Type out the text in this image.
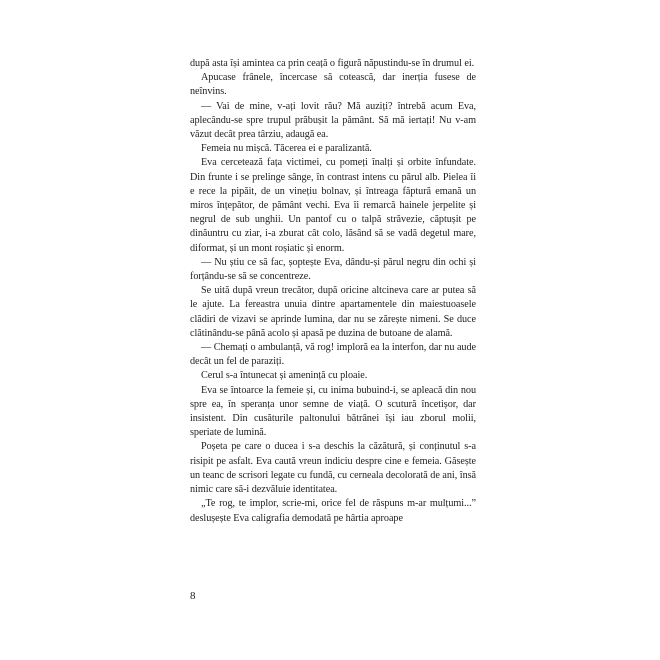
după asta își amintea ca prin ceață o figură năpustindu-se în drumul ei.

Apucase frânele, încercase să cotească, dar inerția fusese de neînvins.

— Vai de mine, v-ați lovit rău? Mă auziți? întrebă acum Eva, aplecându-se spre trupul prăbușit la pământ. Să mă iertați! Nu v-am văzut decât prea târziu, adaugă ea.

Femeia nu mișcă. Tăcerea ei e paralizantă.

Eva cercetează fața victimei, cu pomeți înalți și orbite înfundate. Din frunte i se prelinge sânge, în contrast intens cu părul alb. Pielea îi e rece la pipăit, de un vinețiu bolnav, și întreaga făptură emană un miros înțepător, de pământ vechi. Eva îi remarcă hainele jerpelite și negrul de sub unghii. Un pantof cu o talpă străvezie, căptușit pe dinăuntru cu ziar, i-a zburat cât colo, lăsând să se vadă degetul mare, diformat, și un mont roșiatic și enorm.

— Nu știu ce să fac, șoptește Eva, dându-și părul negru din ochi și forțându-se să se concentreze.

Se uită după vreun trecător, după oricine altcineva care ar putea să le ajute. La fereastra unuia dintre apartamentele din maiestuoasele clădiri de vizavi se aprinde lumina, dar nu se zărește nimeni. Se duce clătinându-se până acolo și apasă pe duzina de butoane de alamă.

— Chemați o ambulanță, vă rog! imploră ea la interfon, dar nu aude decât un fel de paraziți.

Cerul s-a întunecat și amenință cu ploaie.

Eva se întoarce la femeie și, cu inima bubuind-i, se apleacă din nou spre ea, în speranța unor semne de viață. O scutură încetișor, dar insistent. Din cusăturile paltonului bătrânei își iau zborul molii, speriate de lumină.

Poșeta pe care o ducea i s-a deschis la căzătură, și conținutul s-a risipit pe asfalt. Eva caută vreun indiciu despre cine e femeia. Găsește un teanc de scrisori legate cu fundă, cu cerneala decolorată de ani, însă nimic care să-i dezvăluie identitatea.

„Te rog, te implor, scrie-mi, orice fel de răspuns m-ar mulțumi...” deslușește Eva caligrafia demodată pe hârtia aproape

8
